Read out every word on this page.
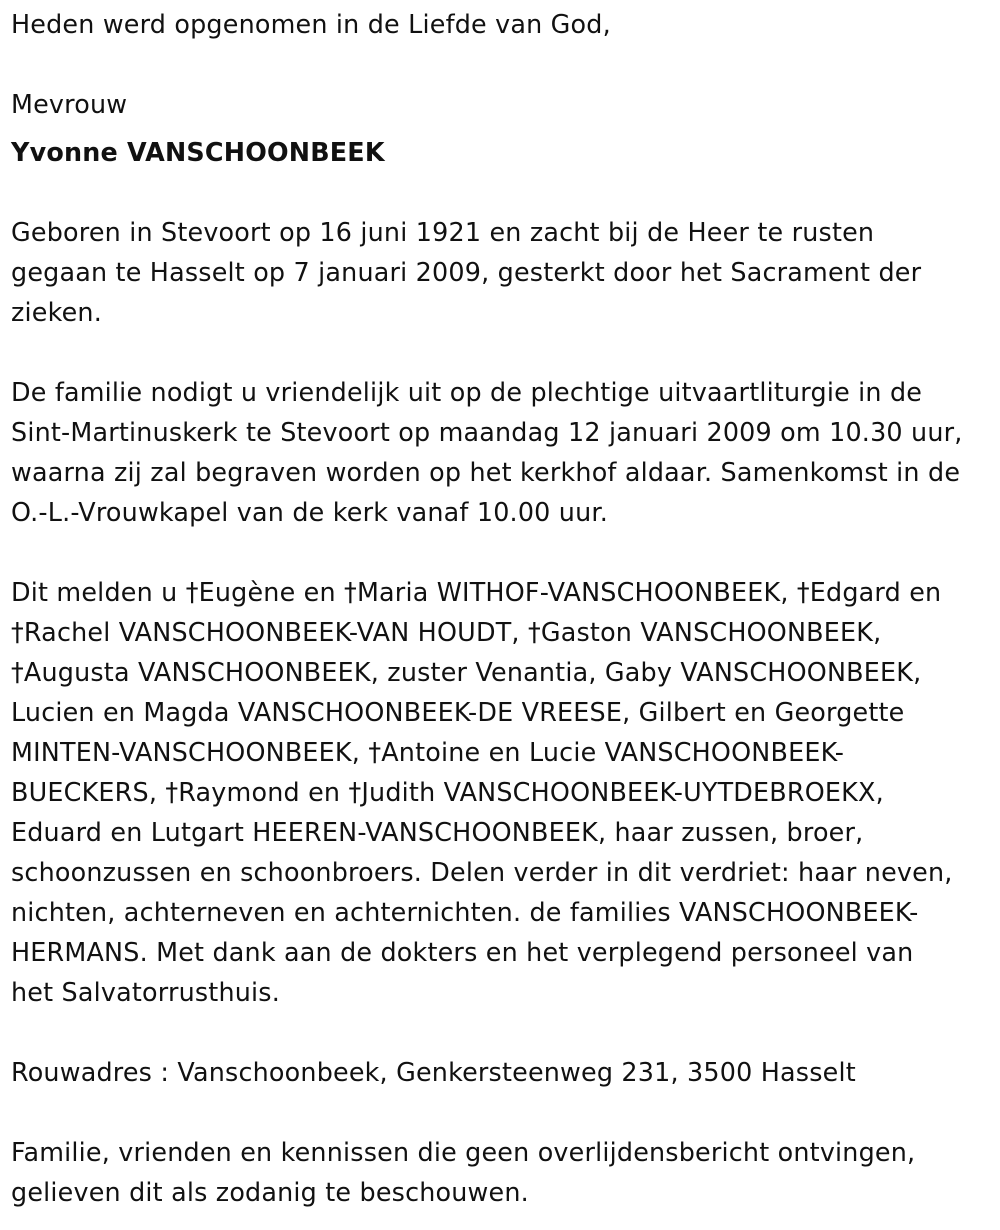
Heden werd opgenomen in de Liefde van God,
Mevrouw
Yvonne VANSCHOONBEEK
Geboren in Stevoort op 16 juni 1921 en zacht bij de Heer te rusten
gegaan te Hasselt op 7 januari 2009, gesterkt door het Sacrament der
zieken.
De familie nodigt u vriendelijk uit op de plechtige uitvaartliturgie in de
Sint-Martinuskerk te Stevoort op maandag 12 januari 2009 om 10.30 uur,
waarna zij zal begraven worden op het kerkhof aldaar. Samenkomst in de
O.-L.-Vrouwkapel van de kerk vanaf 10.00 uur.
Dit melden u †Eugène en †Maria WITHOF-VANSCHOONBEEK, †Edgard en
†Rachel VANSCHOONBEEK-VAN HOUDT, †Gaston VANSCHOONBEEK,
†Augusta VANSCHOONBEEK, zuster Venantia, Gaby VANSCHOONBEEK,
Lucien en Magda VANSCHOONBEEK-DE VREESE, Gilbert en Georgette
MINTEN-VANSCHOONBEEK, †Antoine en Lucie VANSCHOONBEEK-
BUECKERS, †Raymond en †Judith VANSCHOONBEEK-UYTDEBROEKX,
Eduard en Lutgart HEEREN-VANSCHOONBEEK, haar zussen, broer,
schoonzussen en schoonbroers. Delen verder in dit verdriet: haar neven,
nichten, achterneven en achternichten. de families VANSCHOONBEEK-
HERMANS. Met dank aan de dokters en het verplegend personeel van
het Salvatorrusthuis.
Rouwadres : Vanschoonbeek, Genkersteenweg 231, 3500 Hasselt
Familie, vrienden en kennissen die geen overlijdensbericht ontvingen,
gelieven dit als zodanig te beschouwen.
